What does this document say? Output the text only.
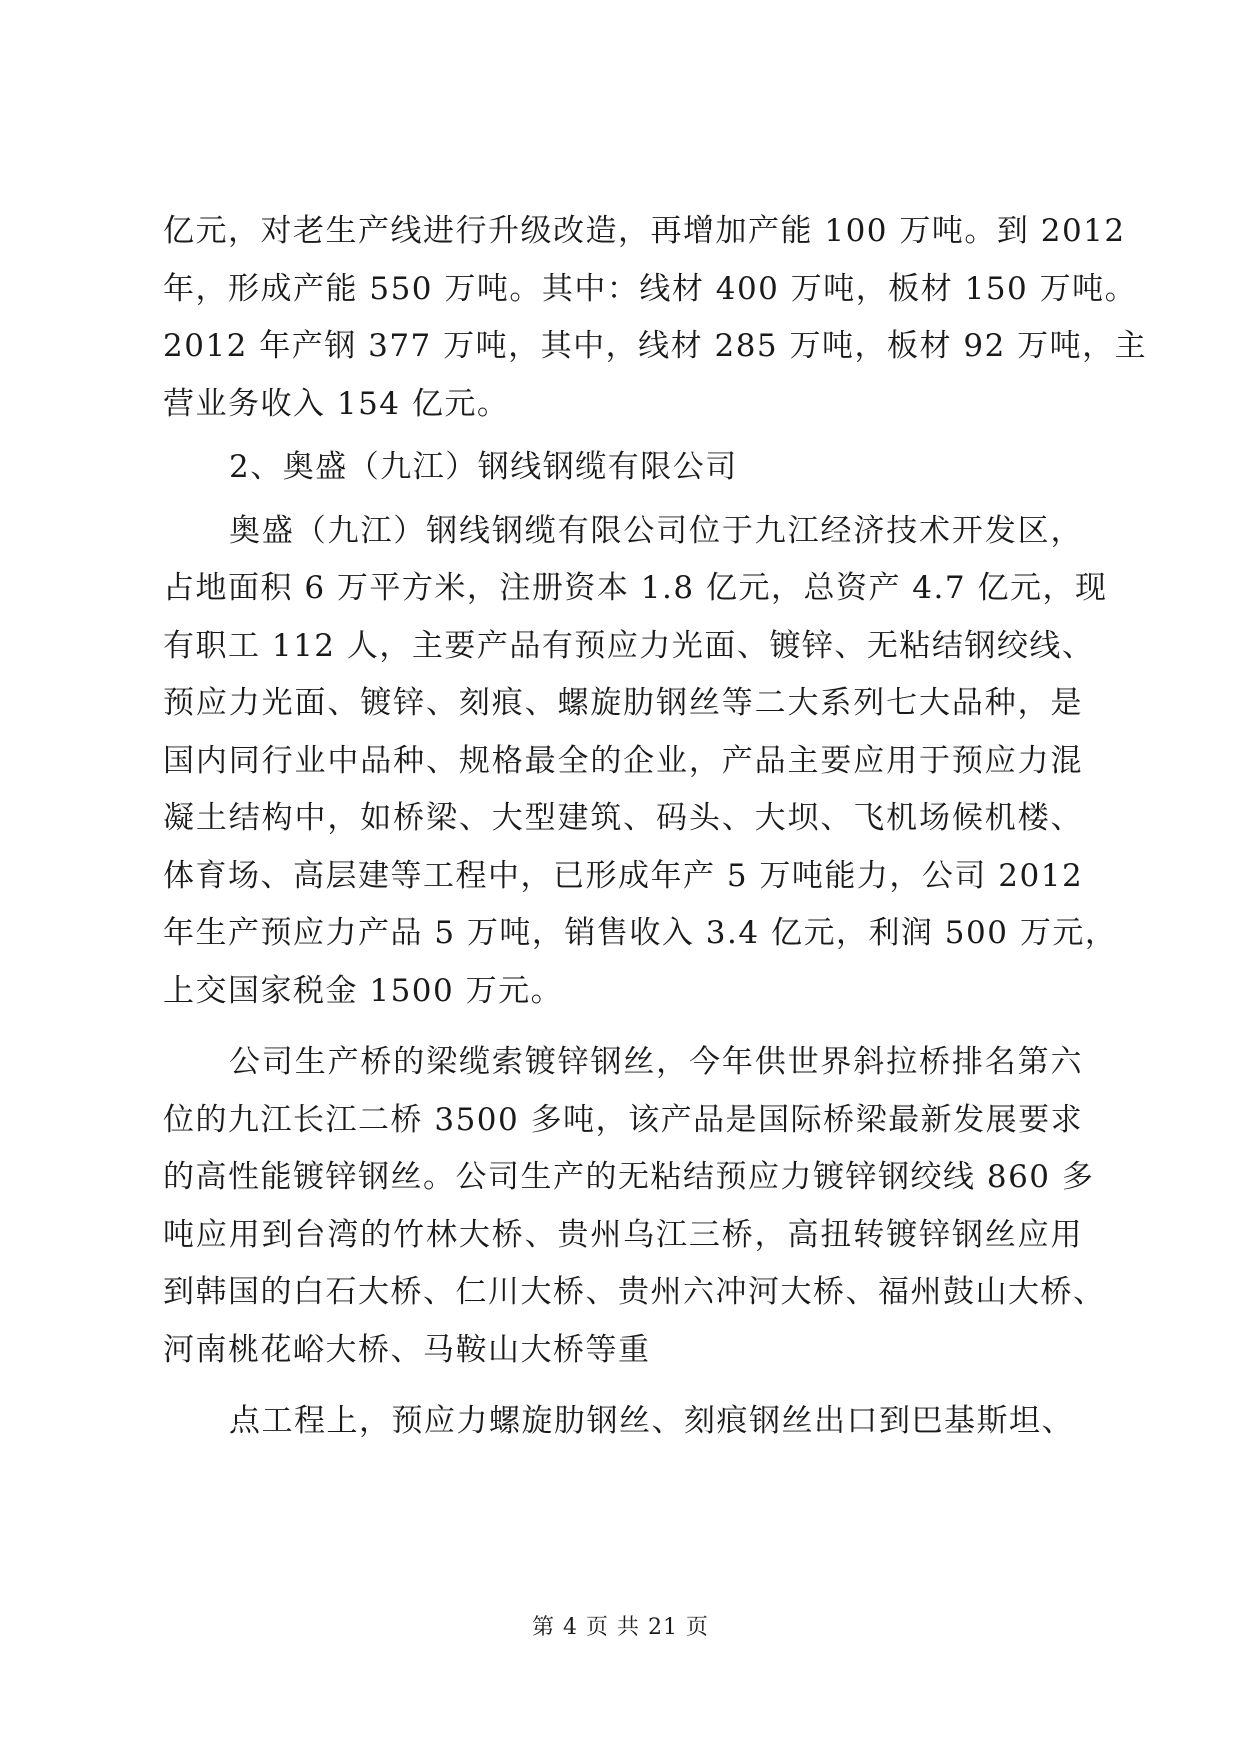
亿元，对老生产线进行升级改造，再增加产能 100 万吨。到 2012
年，形成产能 550 万吨。其中：线材 400 万吨，板材 150 万吨。
2012 年产钢 377 万吨，其中，线材 285 万吨，板材 92 万吨，主
营业务收入 154 亿元。
2、奥盛（九江）钢线钢缆有限公司
奥盛（九江）钢线钢缆有限公司位于九江经济技术开发区，
占地面积 6 万平方米，注册资本 1.8 亿元，总资产 4.7 亿元，现
有职工 112 人，主要产品有预应力光面、镀锌、无粘结钢绞线、
预应力光面、镀锌、刻痕、螺旋肋钢丝等二大系列七大品种，是
国内同行业中品种、规格最全的企业，产品主要应用于预应力混
凝土结构中，如桥梁、大型建筑、码头、大坝、飞机场候机楼、
体育场、高层建等工程中，已形成年产 5 万吨能力，公司 2012
年生产预应力产品 5 万吨，销售收入 3.4 亿元，利润 500 万元，
上交国家税金 1500 万元。
公司生产桥的梁缆索镀锌钢丝，今年供世界斜拉桥排名第六
位的九江长江二桥 3500 多吨，该产品是国际桥梁最新发展要求
的高性能镀锌钢丝。公司生产的无粘结预应力镀锌钢绞线 860 多
吨应用到台湾的竹林大桥、贵州乌江三桥，高扭转镀锌钢丝应用
到韩国的白石大桥、仁川大桥、贵州六冲河大桥、福州鼓山大桥、
河南桃花峪大桥、马鞍山大桥等重
点工程上，预应力螺旋肋钢丝、刻痕钢丝出口到巴基斯坦、
第 4 页 共 21 页
